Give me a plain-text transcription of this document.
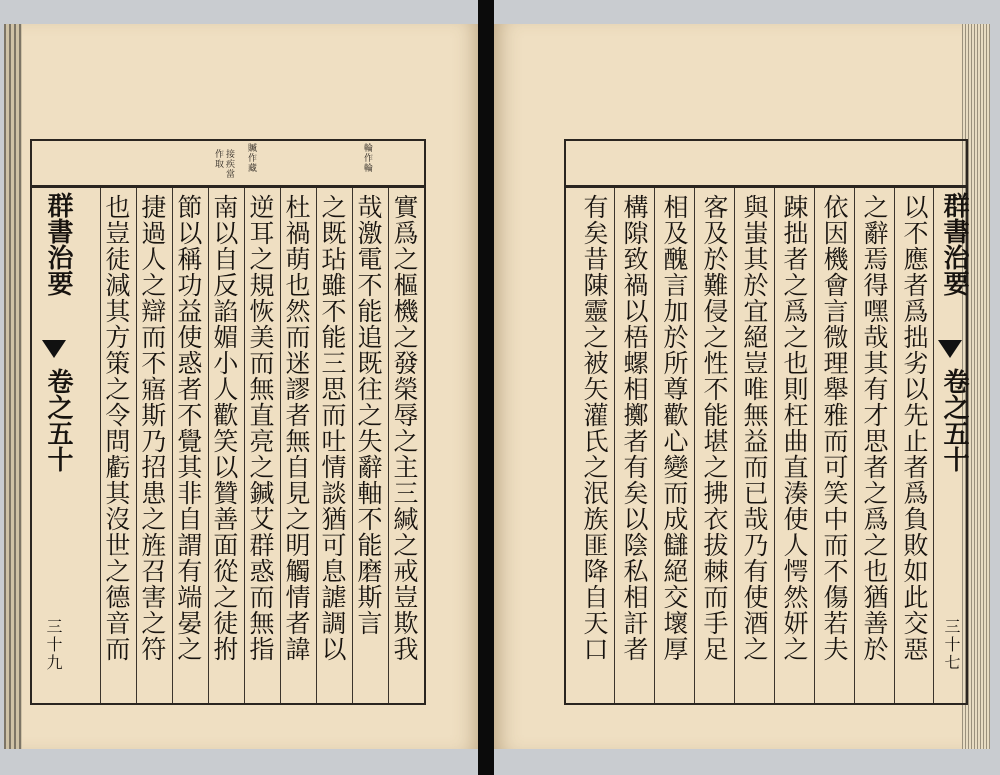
輪作輪
贓作藏
接疾當作取
群書治要
卷之五十
三十九	實爲之樞機之發榮辱之主三緘之戒豈欺我
哉激電不能追既往之失辭軸不能磨斯言
之既玷雖不能三思而吐情談猶可息謔調以
杜禍萌也然而迷謬者無自見之明觸情者諱
逆耳之規恢美而無直亮之鍼艾群惑而無指
南以自反諂媚小人歡笑以贊善面從之徒拊
節以稱功益使惑者不覺其非自謂有端晏之
捷過人之辯而不寤斯乃招患之旌召害之符
也豈徒減其方策之令問虧其沒世之德音而	以不應者爲拙劣以先止者爲負敗如此交惡
之辭焉得嘿哉其有才思者之爲之也猶善於
依因機會言微理舉雅而可笑中而不傷若夫
踈拙者之爲之也則枉曲直湊使人愕然妍之
與蚩其於宜絕豈唯無益而已哉乃有使酒之
客及於難侵之性不能堪之拂衣拔棘而手足
相及醜言加於所尊歡心變而成讎絕交壞厚
構隙致禍以梧螺相擲者有矣以陰私相訐者
有矣昔陳靈之被矢灌氏之泯族匪降自天口	群書治要
卷之五十
三十七
